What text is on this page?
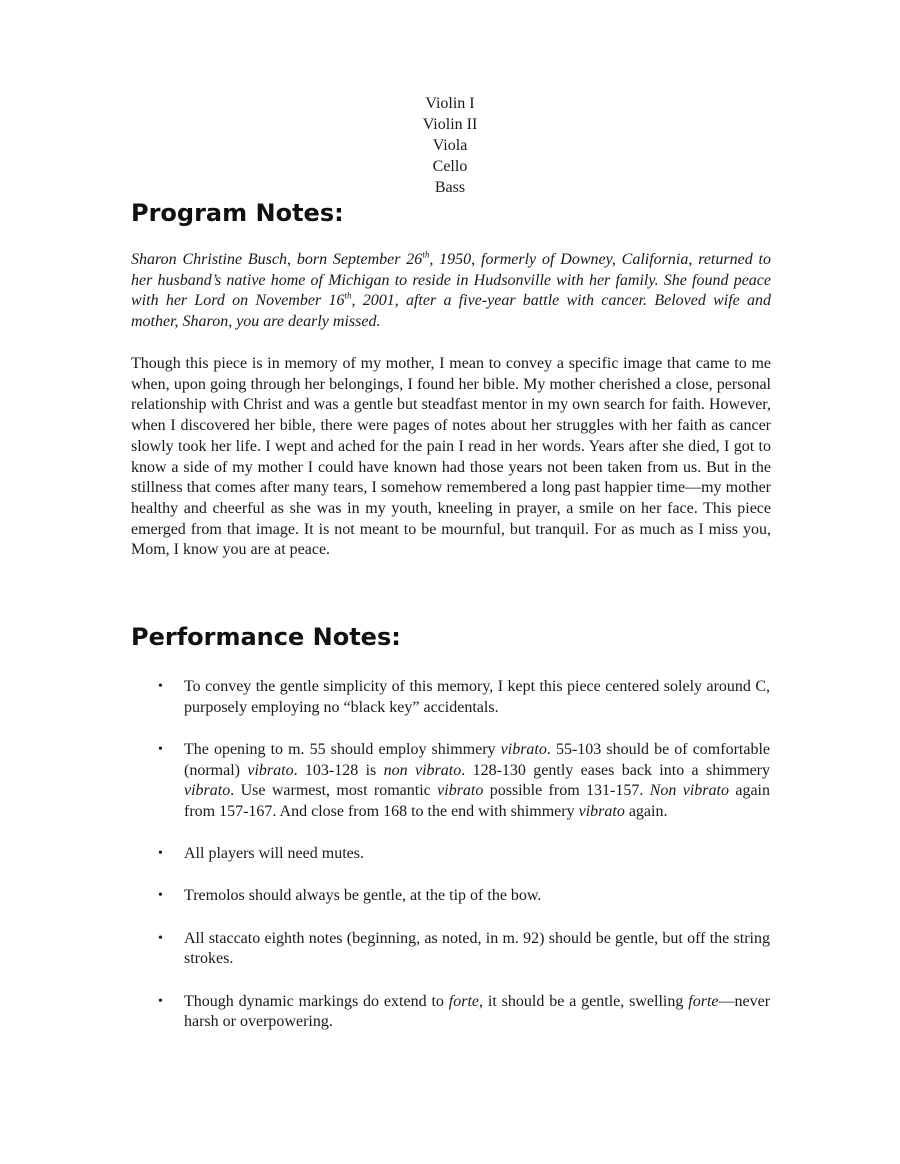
Violin I
Violin II
Viola
Cello
Bass
Program Notes:

Sharon Christine Busch, born September 26th, 1950, formerly of Downey, California, returned to her husband’s native home of Michigan to reside in Hudsonville with her family. She found peace with her Lord on November 16th, 2001, after a five-year battle with cancer. Beloved wife and mother, Sharon, you are dearly missed.

Though this piece is in memory of my mother, I mean to convey a specific image that came to me when, upon going through her belongings, I found her bible. My mother cherished a close, personal relationship with Christ and was a gentle but steadfast mentor in my own search for faith. However, when I discovered her bible, there were pages of notes about her struggles with her faith as cancer slowly took her life. I wept and ached for the pain I read in her words. Years after she died, I got to know a side of my mother I could have known had those years not been taken from us. But in the stillness that comes after many tears, I somehow remembered a long past happier time—my mother healthy and cheerful as she was in my youth, kneeling in prayer, a smile on her face. This piece emerged from that image. It is not meant to be mournful, but tranquil. For as much as I miss you, Mom, I know you are at peace.

Performance Notes:
• To convey the gentle simplicity of this memory, I kept this piece centered solely around C, purposely employing no “black key” accidentals.
• The opening to m. 55 should employ shimmery vibrato. 55-103 should be of comfortable (normal) vibrato. 103-128 is non vibrato. 128-130 gently eases back into a shimmery vibrato. Use warmest, most romantic vibrato possible from 131-157. Non vibrato again from 157-167. And close from 168 to the end with shimmery vibrato again.
• All players will need mutes.
• Tremolos should always be gentle, at the tip of the bow.
• All staccato eighth notes (beginning, as noted, in m. 92) should be gentle, but off the string strokes.
• Though dynamic markings do extend to forte, it should be a gentle, swelling forte—never harsh or overpowering.
